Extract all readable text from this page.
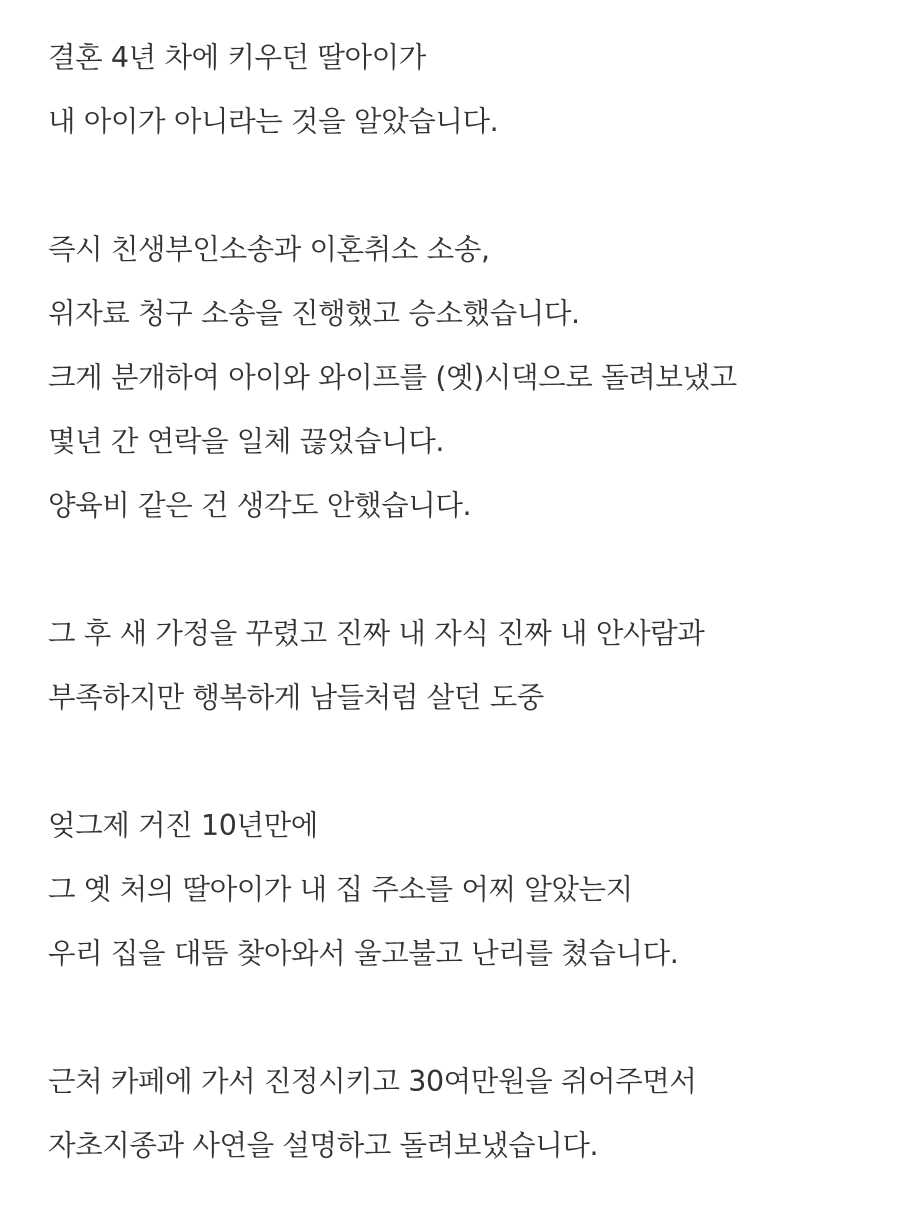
결혼 4년 차에 키우던 딸아이가
내 아이가 아니라는 것을 알았습니다.
즉시 친생부인소송과 이혼취소 소송,
위자료 청구 소송을 진행했고 승소했습니다.
크게 분개하여 아이와 와이프를 (옛)시댁으로 돌려보냈고
몇년 간 연락을 일체 끊었습니다.
양육비 같은 건 생각도 안했습니다.
그 후 새 가정을 꾸렸고 진짜 내 자식 진짜 내 안사람과
부족하지만 행복하게 남들처럼 살던 도중
엊그제 거진 10년만에
그 옛 처의 딸아이가 내 집 주소를 어찌 알았는지
우리 집을 대뜸 찾아와서 울고불고 난리를 쳤습니다.
근처 카페에 가서 진정시키고 30여만원을 쥐어주면서
자초지종과 사연을 설명하고 돌려보냈습니다.
